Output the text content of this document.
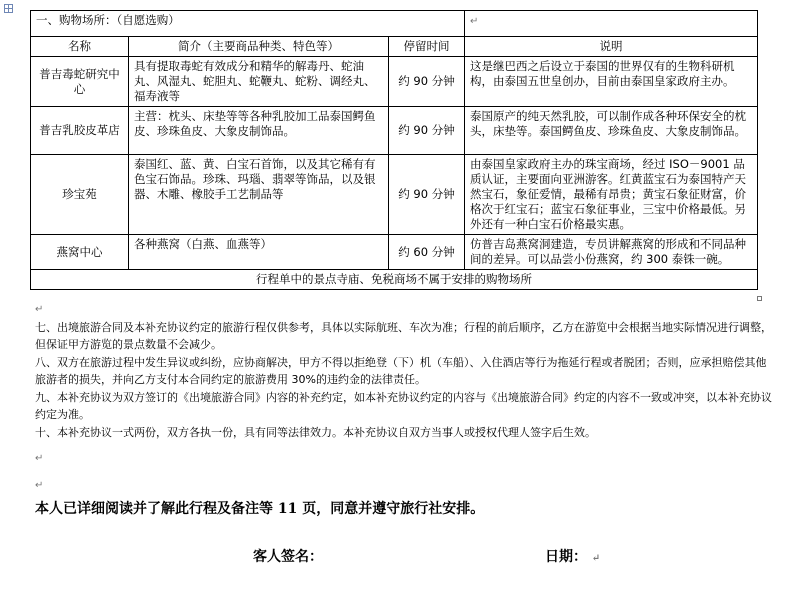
一、购物场所：（自愿选购）			↵
名称	简介（主要商品种类、特色等）	停留时间	说明
普吉毒蛇研究中心	具有提取毒蛇有效成分和精华的解毒丹、蛇油丸、风湿丸、蛇胆丸、蛇鞭丸、蛇粉、调经丸、福寿液等	约 90 分钟	这是继巴西之后设立于泰国的世界仅有的生物科研机构，由泰国五世皇创办，目前由泰国皇家政府主办。
普吉乳胶皮革店	主营：枕头、床垫等等各种乳胶加工品泰国鳄鱼皮、珍珠鱼皮、大象皮制饰品。	约 90 分钟	泰国原产的纯天然乳胶，可以制作成各种环保安全的枕头，床垫等。泰国鳄鱼皮、珍珠鱼皮、大象皮制饰品。
珍宝苑	泰国红、蓝、黄、白宝石首饰，以及其它稀有有色宝石饰品。珍珠、玛瑙、翡翠等饰品，以及银器、木雕、橡胶手工艺制品等	约 90 分钟	由泰国皇家政府主办的珠宝商场，经过 ISO－9001 品质认证，主要面向亚洲游客。红黄蓝宝石为泰国特产天然宝石，象征爱情，最稀有昂贵；黄宝石象征财富，价格次于红宝石；蓝宝石象征事业，三宝中价格最低。另外还有一种白宝石价格最实惠。
燕窝中心	各种燕窝（白燕、血燕等）	约 60 分钟	仿普吉岛燕窝洞建造，专员讲解燕窝的形成和不同品种间的差异。可以品尝小份燕窝，约 300 泰铢一碗。
行程单中的景点寺庙、免税商场不属于安排的购物场所			

↵

七、出境旅游合同及本补充协议约定的旅游行程仅供参考，具体以实际航班、车次为准；行程的前后顺序，乙方在游览中会根据当地实际情况进行调整，但保证甲方游览的景点数量不会减少。

八、双方在旅游过程中发生异议或纠纷，应协商解决，甲方不得以拒绝登（下）机（车船）、入住酒店等行为拖延行程或者脱团；否则，应承担赔偿其他旅游者的损失，并向乙方支付本合同约定的旅游费用 30%的违约金的法律责任。

九、本补充协议为双方签订的《出境旅游合同》内容的补充约定，如本补充协议约定的内容与《出境旅游合同》约定的内容不一致或冲突，以本补充协议约定为准。

十、本补充协议一式两份，双方各执一份，具有同等法律效力。本补充协议自双方当事人或授权代理人签字后生效。

↵

↵

本人已详细阅读并了解此行程及备注等 11 页，同意并遵守旅行社安排。
客人签名：	日期： ↵
